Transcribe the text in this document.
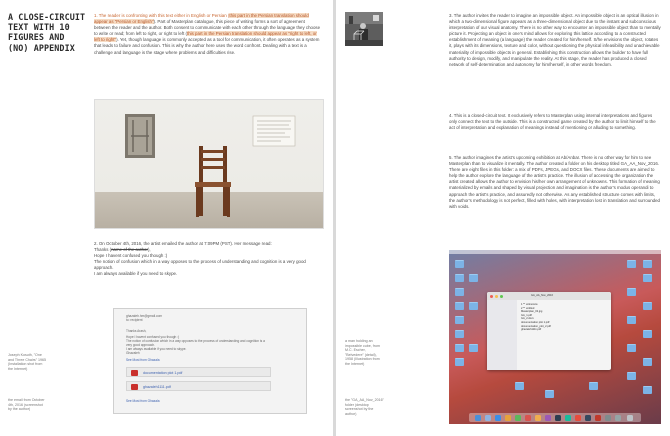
A CLOSE-CIRCUIT TEXT WITH 10 FIGURES AND (NO) APPENDIX
1. The reader is confronting with this text either in English or Persian (this part in the Persian translation should appear as "Persian or English"). Part of Masterplan catalogue, this piece of writing forms a sort of agreement between the reader and the author. Both consent to communicate with each other through the language they choose to write or read; from left to right, or right to left (this part in the Persian translation should appear as "right to left, or left to right"). Yet, though language is commonly accepted as a tool for communication, it often operates as a system that leads to failure and confusion. This is why the author here uses the word confront. Dealing with a text is a challenge and language is the stage where problems and difficulties rise.
2. On October 4th, 2016, the artist emailed the author at 7:09PM (PST). Her message read:
Thanks (name of the author),
Hope I havent confused you though :)
The notion of confusion which in a way opposes to the process of understanding and cognition is a very good approach.
I am always available if you need to skype.
ghazaleh.hm@gmail.com
to: recipient
Thanks Arash,
Hope I havent confused you though :)
The notion of confusion which in a way opposes to the process of understanding and cognition is a
very good approach.
I am always available if you need to skype.
Ghazaleh
See Most from Ghazala
documentation plot 1.pdf
ghazaleh1111.pdf
See Most from Ghazala
Joseph Kosuth, "One and Three Chairs" 1965 (Installation shot from the Internet)
the email from October 4th, 2016 (screenshot by the author)
3. The author invites the reader to imagine an impossible object. An impossible object is an optical illusion in which a two-dimensional figure appears as a three-dimensional object due to the instant and subconscious interpretation of our visual anatomy. There is no other way to encounter an impossible object than to mentally picture it. Projecting an object in one's mind allows for exploring this lattice according to a constructed establishment of meaning (a language) the reader created for him/herself. S/he envisions the object, rotates it, plays with its dimensions, texture and color, without questioning the physical infeasibility and unachievable materiality of impossible objects in general. Establishing this construction allows the builder to have full authority to design, modify, and manipulate the reality. At this stage, the reader has produced a closed network of self-determination and autonomy for him/herself, in other words freedom.
4. This is a closed-circuit text. It exclusively refers to Masterplan using internal interpretations and figures only connect the text to the outside. This is a constructed game created by the author to limit himself to the act of interpretation and explanation of meanings instead of mentioning or alluding to something.
5. The author imagines the artist's upcoming exhibition at Ab/Anbar. There is no other way for him to see Masterplan than to visualize it mentally. The author created a folder on his desktop titled GA_AA_Nov_2016. There are eight files in this folder: a mix of PDFs, JPEGs, and DOCX files. These documents are aimed to help the author explore the language of the artist's practice. The illusion of accessing the organization the artist created allows the author to envision his/her own arrangement of unknowns. This formation of meaning materialized by emails and shaped by visual projection and imagination is the author's modus operandi to approach the artist's practice, and assuredly not otherwise. As any established structure comes with limits, the author's methodology is not perfect, filled with holes, with interpretation lost in translation and surrounded with voids.
GA_AA_Nov_2016
1 ** unknowns
2 ** untitled
Masterplan_02.jpg
GA_1.pdf
GA_2.docx
documentation plot 1.pdf
documentation_plot_2.pdf
ghazaleh1111.pdf
a man holding an impossible cube, from M.C. Escher, "Belvedere" (detail), 1958 (Illustration from the Internet)
the "GA_AA_Nov_2016" folder (desktop screenshot by the author)
